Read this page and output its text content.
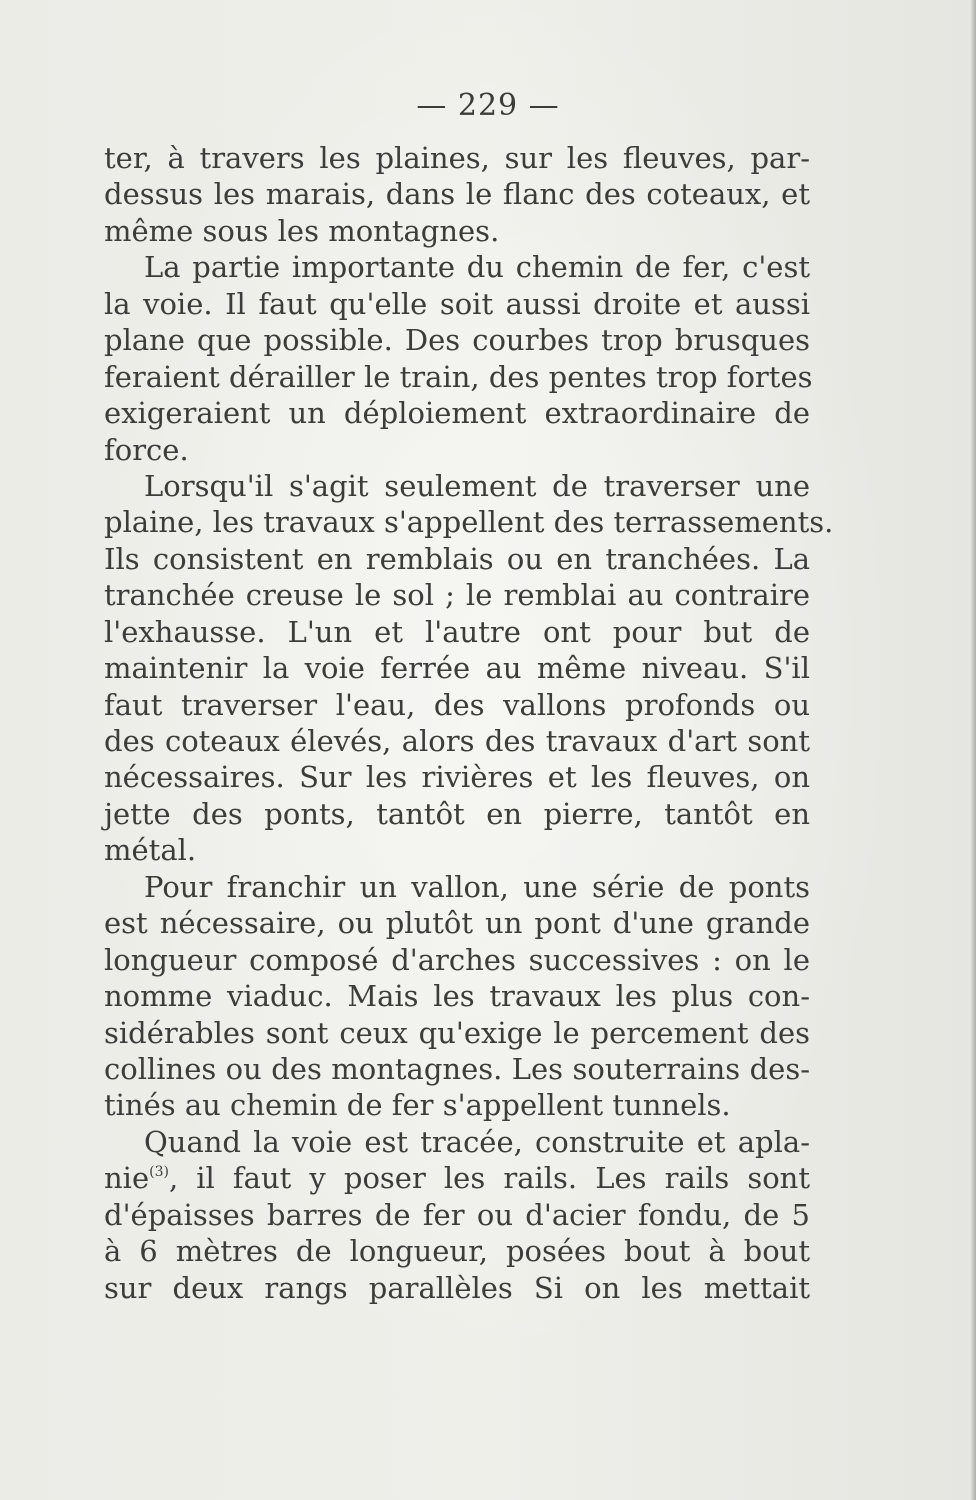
— 229 —
ter, à travers les plaines, sur les fleuves, par-
dessus les marais, dans le flanc des coteaux, et
même sous les montagnes.
La partie importante du chemin de fer, c'est
la voie. Il faut qu'elle soit aussi droite et aussi
plane que possible. Des courbes trop brusques
feraient dérailler le train, des pentes trop fortes
exigeraient un déploiement extraordinaire de
force.
Lorsqu'il s'agit seulement de traverser une
plaine, les travaux s'appellent des terrassements.
Ils consistent en remblais ou en tranchées. La
tranchée creuse le sol ; le remblai au contraire
l'exhausse. L'un et l'autre ont pour but de
maintenir la voie ferrée au même niveau. S'il
faut traverser l'eau, des vallons profonds ou
des coteaux élevés, alors des travaux d'art sont
nécessaires. Sur les rivières et les fleuves, on
jette des ponts, tantôt en pierre, tantôt en
métal.
Pour franchir un vallon, une série de ponts
est nécessaire, ou plutôt un pont d'une grande
longueur composé d'arches successives : on le
nomme viaduc. Mais les travaux les plus con-
sidérables sont ceux qu'exige le percement des
collines ou des montagnes. Les souterrains des-
tinés au chemin de fer s'appellent tunnels.
Quand la voie est tracée, construite et apla-
nie$^{(3)}$, il faut y poser les rails. Les rails sont
d'épaisses barres de fer ou d'acier fondu, de 5
à 6 mètres de longueur, posées bout à bout
sur deux rangs parallèles Si on les mettait
